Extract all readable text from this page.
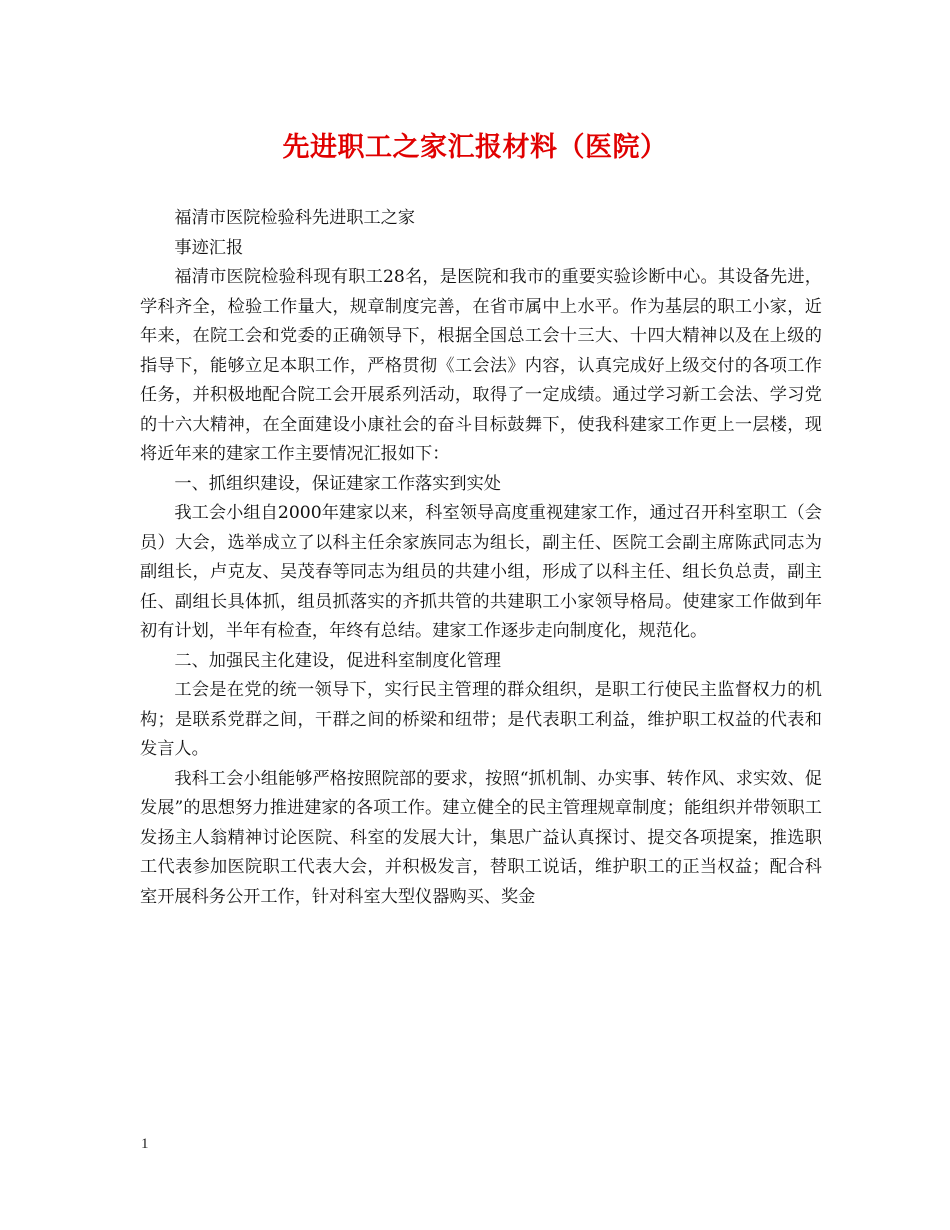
先进职工之家汇报材料（医院）

福清市医院检验科先进职工之家

事迹汇报

福清市医院检验科现有职工28名，是医院和我市的重要实验诊断中心。其设备先进，学科齐全，检验工作量大，规章制度完善，在省市属中上水平。作为基层的职工小家，近年来，在院工会和党委的正确领导下，根据全国总工会十三大、十四大精神以及在上级的指导下，能够立足本职工作，严格贯彻《工会法》内容，认真完成好上级交付的各项工作任务，并积极地配合院工会开展系列活动，取得了一定成绩。通过学习新工会法、学习党的十六大精神，在全面建设小康社会的奋斗目标鼓舞下，使我科建家工作更上一层楼，现将近年来的建家工作主要情况汇报如下：

一、抓组织建设，保证建家工作落实到实处

我工会小组自2000年建家以来，科室领导高度重视建家工作，通过召开科室职工（会员）大会，选举成立了以科主任余家族同志为组长，副主任、医院工会副主席陈武同志为副组长，卢克友、吴茂春等同志为组员的共建小组，形成了以科主任、组长负总责，副主任、副组长具体抓，组员抓落实的齐抓共管的共建职工小家领导格局。使建家工作做到年初有计划，半年有检查，年终有总结。建家工作逐步走向制度化，规范化。

二、加强民主化建设，促进科室制度化管理

工会是在党的统一领导下，实行民主管理的群众组织，是职工行使民主监督权力的机构；是联系党群之间，干群之间的桥梁和纽带；是代表职工利益，维护职工权益的代表和发言人。

我科工会小组能够严格按照院部的要求，按照“抓机制、办实事、转作风、求实效、促发展”的思想努力推进建家的各项工作。建立健全的民主管理规章制度；能组织并带领职工发扬主人翁精神讨论医院、科室的发展大计，集思广益认真探讨、提交各项提案，推选职工代表参加医院职工代表大会，并积极发言，替职工说话，维护职工的正当权益；配合科室开展科务公开工作，针对科室大型仪器购买、奖金

1
